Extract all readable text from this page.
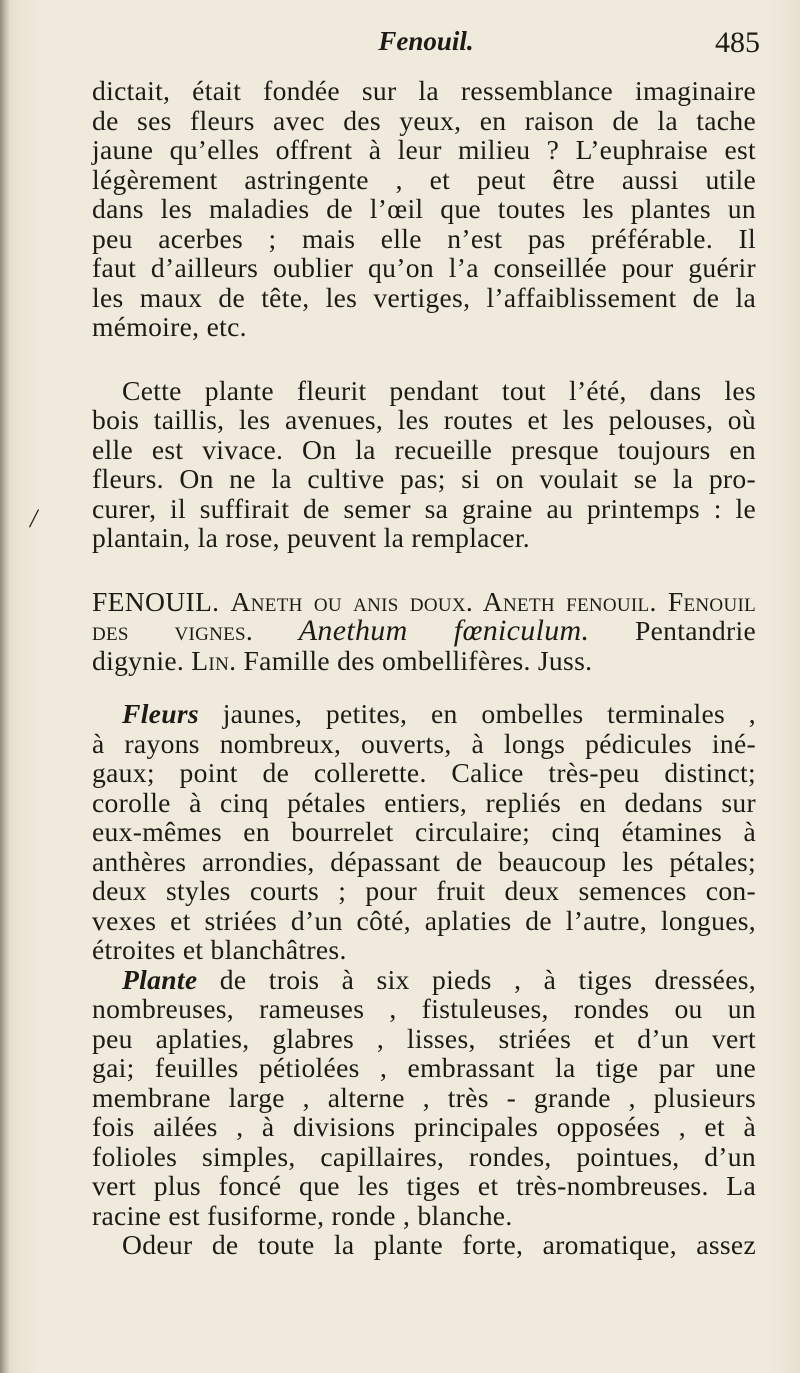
Fenouil.	485
/
dictait, était fondée sur la ressemblance imaginaire
de ses fleurs avec des yeux, en raison de la tache
jaune qu’elles offrent à leur milieu ? L’euphraise est
légèrement astringente , et peut être aussi utile
dans les maladies de l’œil que toutes les plantes un
peu acerbes ; mais elle n’est pas préférable. Il
faut d’ailleurs oublier qu’on l’a conseillée pour guérir
les maux de tête, les vertiges, l’affaiblissement de la
mémoire, etc.
Cette plante fleurit pendant tout l’été, dans les
bois taillis, les avenues, les routes et les pelouses, où
elle est vivace. On la recueille presque toujours en
fleurs. On ne la cultive pas; si on voulait se la pro-
curer, il suffirait de semer sa graine au printemps : le
plantain, la rose, peuvent la remplacer.
FENOUIL. Aneth ou anis doux. Aneth fenouil. Fenouil
des vignes. Anethum fœniculum. Pentandrie
digynie. Lin. Famille des ombellifères. Juss.
Fleurs jaunes, petites, en ombelles terminales ,
à rayons nombreux, ouverts, à longs pédicules iné-
gaux; point de collerette. Calice très-peu distinct;
corolle à cinq pétales entiers, repliés en dedans sur
eux-mêmes en bourrelet circulaire; cinq étamines à
anthères arrondies, dépassant de beaucoup les pétales;
deux styles courts ; pour fruit deux semences con-
vexes et striées d’un côté, aplaties de l’autre, longues,
étroites et blanchâtres.
Plante de trois à six pieds , à tiges dressées,
nombreuses, rameuses , fistuleuses, rondes ou un
peu aplaties, glabres , lisses, striées et d’un vert
gai; feuilles pétiolées , embrassant la tige par une
membrane large , alterne , très - grande , plusieurs
fois ailées , à divisions principales opposées , et à
folioles simples, capillaires, rondes, pointues, d’un
vert plus foncé que les tiges et très-nombreuses. La
racine est fusiforme, ronde , blanche.
Odeur de toute la plante forte, aromatique, assez
